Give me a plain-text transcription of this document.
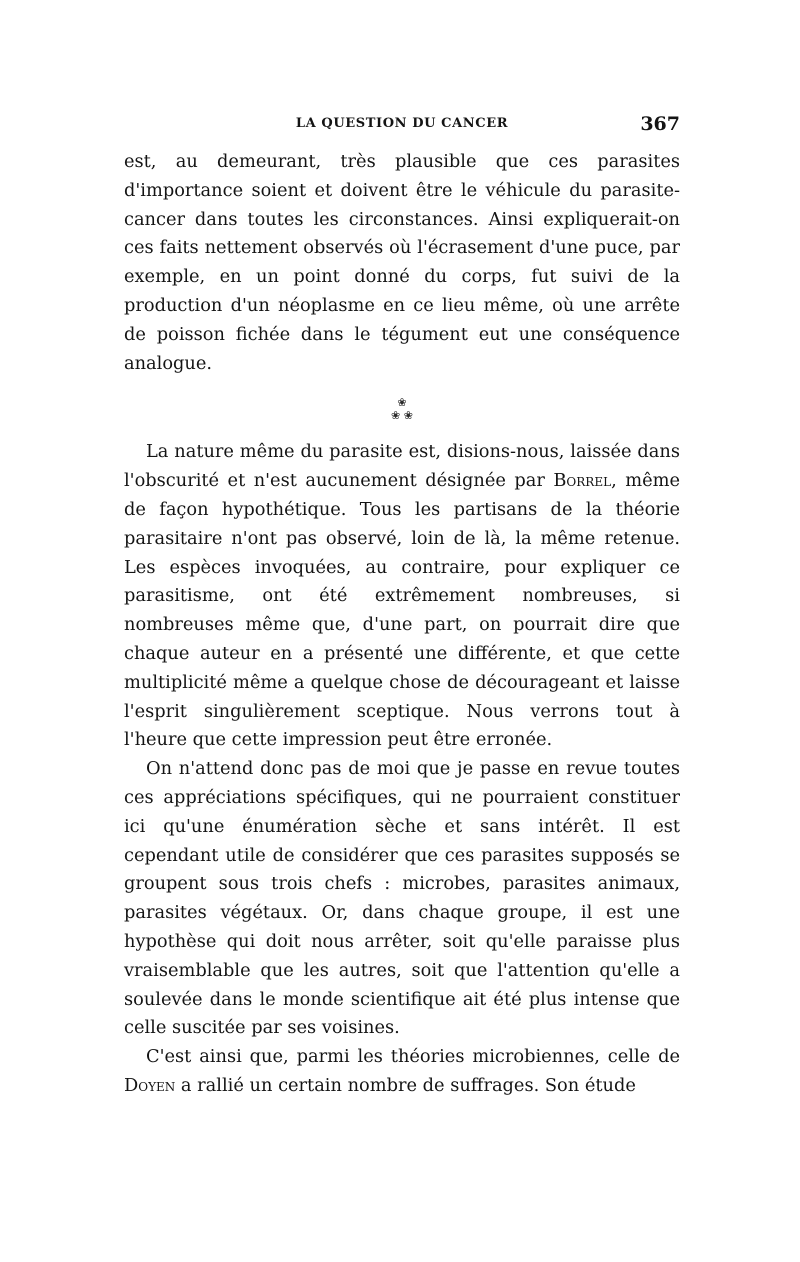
LA QUESTION DU CANCER	367

est, au demeurant, très plausible que ces parasites d'importance soient et doivent être le véhicule du parasite-cancer dans toutes les circonstances. Ainsi expliquerait-on ces faits nettement observés où l'écrasement d'une puce, par exemple, en un point donné du corps, fut suivi de la production d'un néoplasme en ce lieu même, où une arrête de poisson fichée dans le tégument eut une conséquence analogue.

❀
❀ ❀

La nature même du parasite est, disions-nous, laissée dans l'obscurité et n'est aucunement désignée par Borrel, même de façon hypothétique. Tous les partisans de la théorie parasitaire n'ont pas observé, loin de là, la même retenue. Les espèces invoquées, au contraire, pour expliquer ce parasitisme, ont été extrêmement nombreuses, si nombreuses même que, d'une part, on pourrait dire que chaque auteur en a présenté une différente, et que cette multiplicité même a quelque chose de décourageant et laisse l'esprit singulièrement sceptique. Nous verrons tout à l'heure que cette impression peut être erronée.

On n'attend donc pas de moi que je passe en revue toutes ces appréciations spécifiques, qui ne pourraient constituer ici qu'une énumération sèche et sans intérêt. Il est cependant utile de considérer que ces parasites supposés se groupent sous trois chefs : microbes, parasites animaux, parasites végétaux. Or, dans chaque groupe, il est une hypothèse qui doit nous arrêter, soit qu'elle paraisse plus vraisemblable que les autres, soit que l'attention qu'elle a soulevée dans le monde scientifique ait été plus intense que celle suscitée par ses voisines.

C'est ainsi que, parmi les théories microbiennes, celle de Doyen a rallié un certain nombre de suffrages. Son étude
